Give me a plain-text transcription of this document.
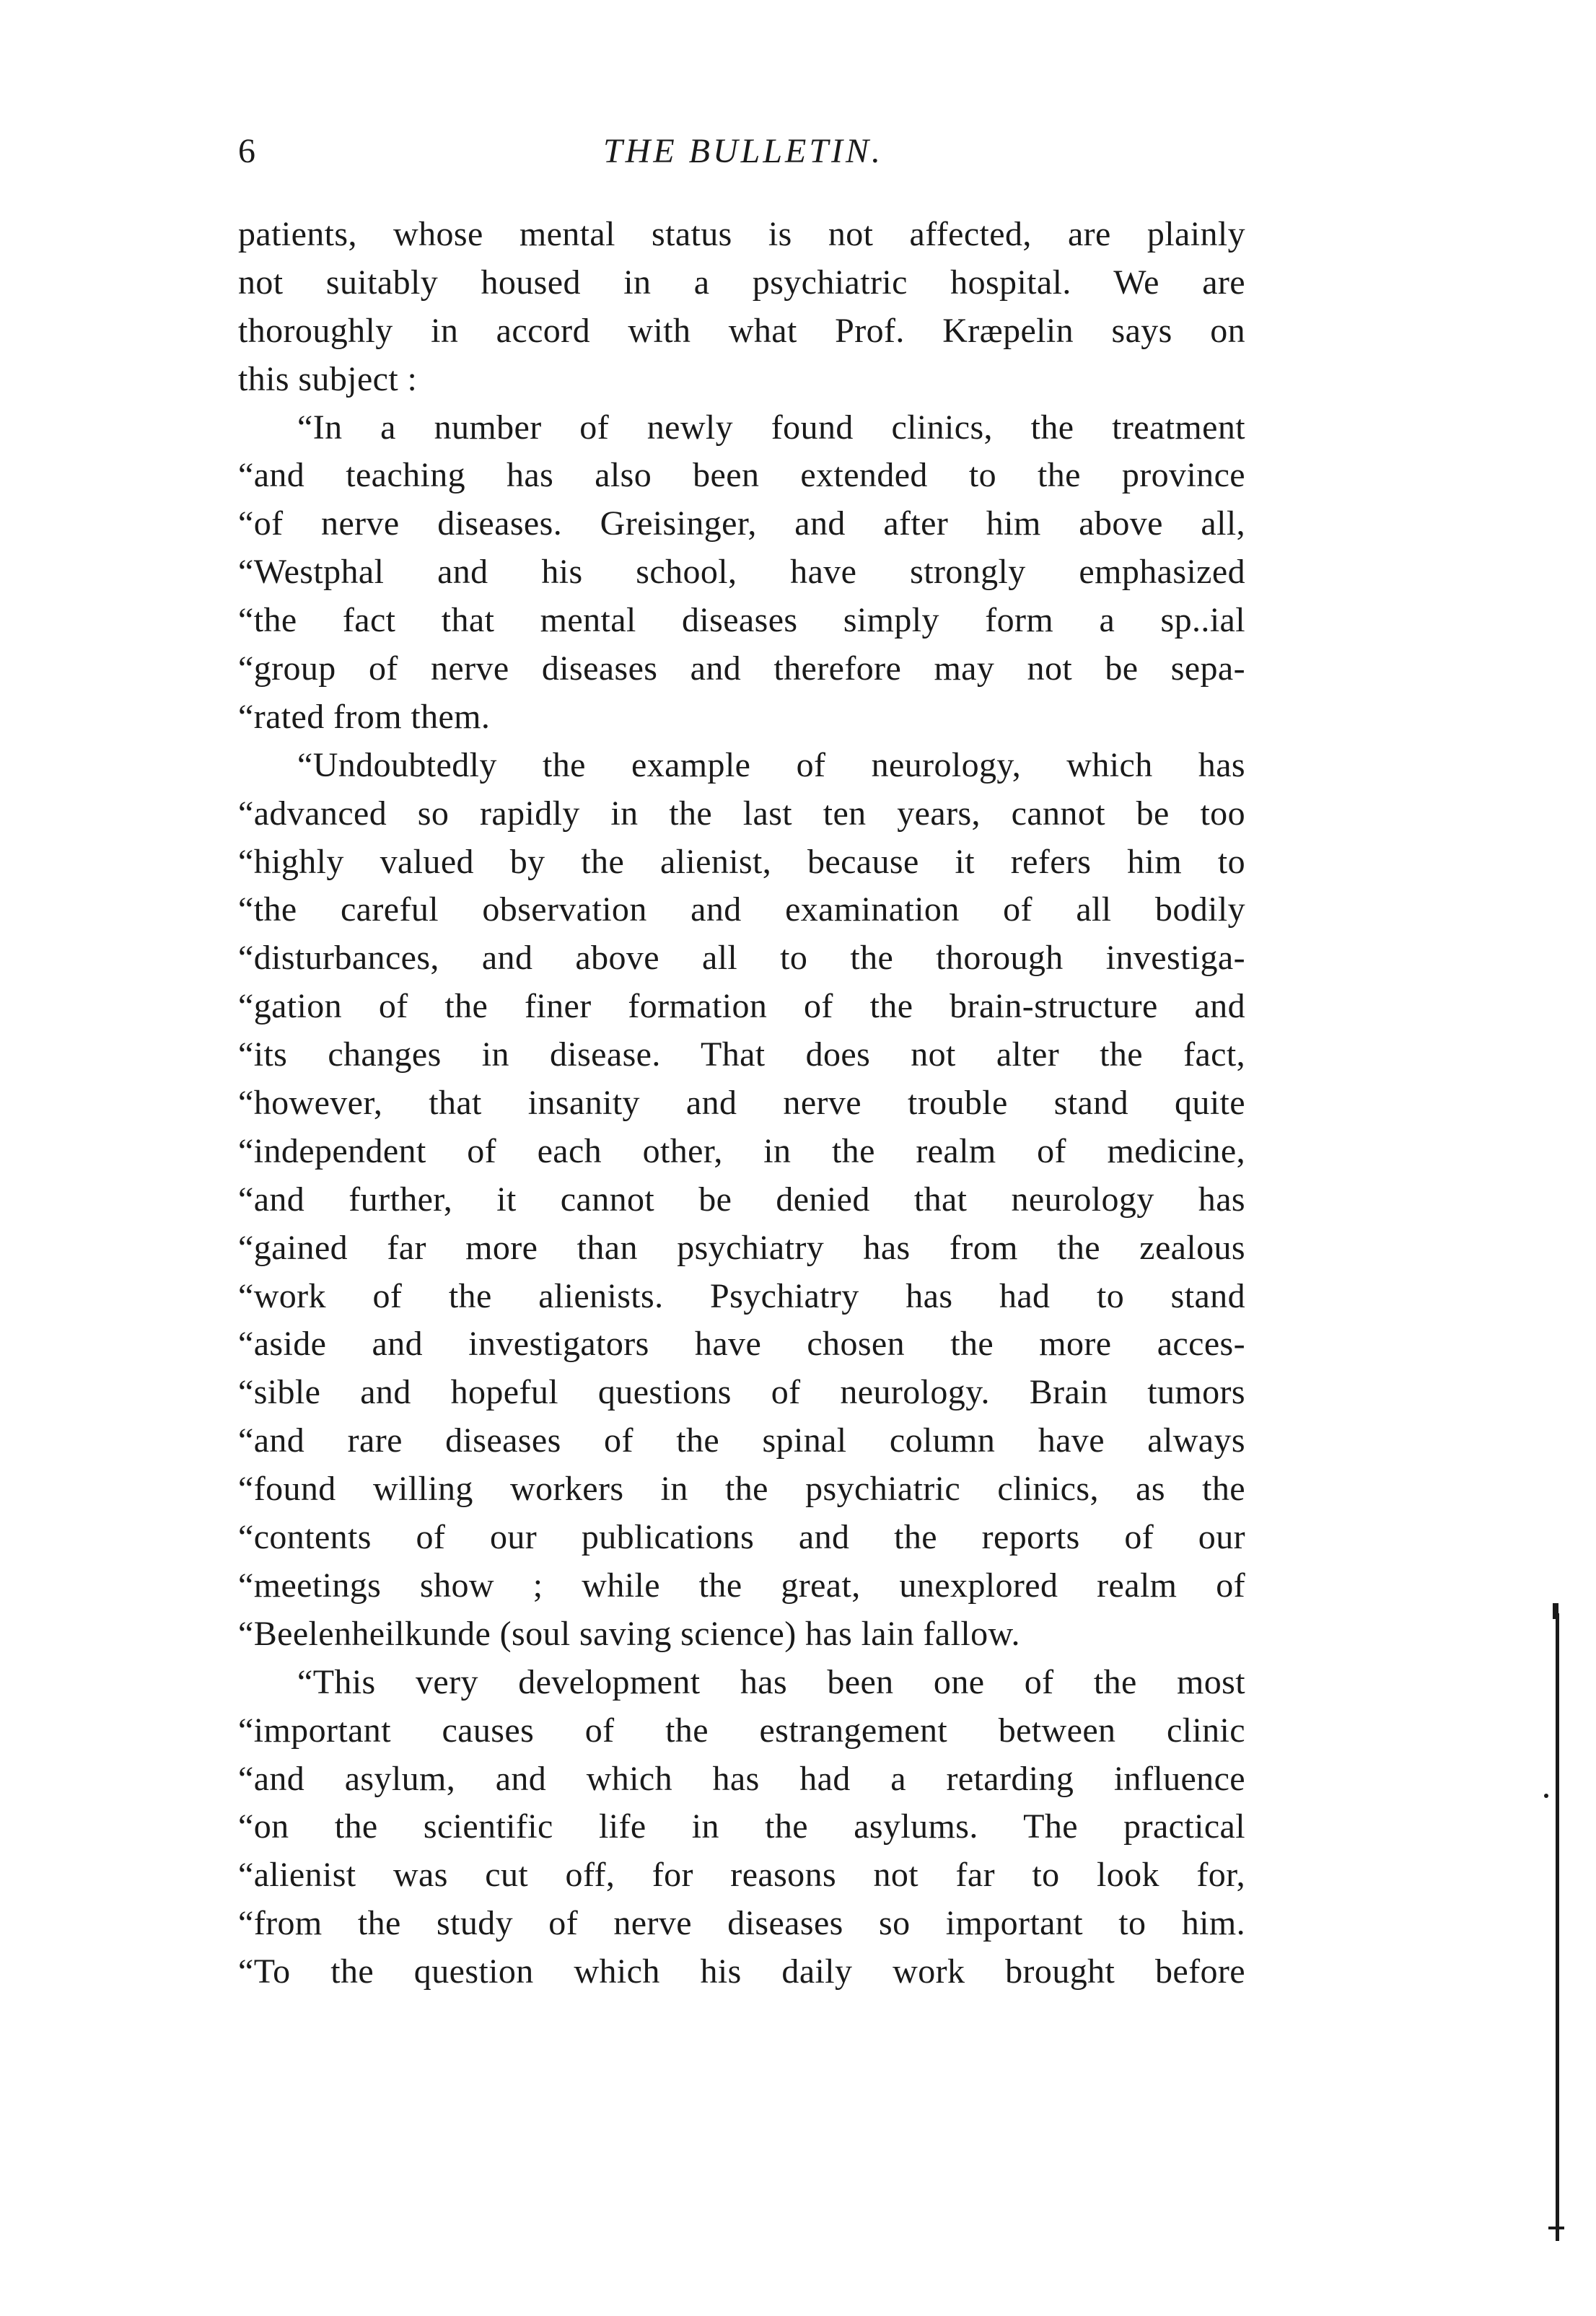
6	THE BULLETIN.
patients, whose mental status is not affected, are plainly
not suitably housed in a psychiatric hospital. We are
thoroughly in accord with what Prof. Kræpelin says on
this subject :
“In a number of newly found clinics, the treatment
“and teaching has also been extended to the province
“of nerve diseases. Greisinger, and after him above all,
“Westphal and his school, have strongly emphasized
“the fact that mental diseases simply form a sp..ial
“group of nerve diseases and therefore may not be sepa-
“rated from them.
“Undoubtedly the example of neurology, which has
“advanced so rapidly in the last ten years, cannot be too
“highly valued by the alienist, because it refers him to
“the careful observation and examination of all bodily
“disturbances, and above all to the thorough investiga-
“gation of the finer formation of the brain-structure and
“its changes in disease. That does not alter the fact,
“however, that insanity and nerve trouble stand quite
“independent of each other, in the realm of medicine,
“and further, it cannot be denied that neurology has
“gained far more than psychiatry has from the zealous
“work of the alienists. Psychiatry has had to stand
“aside and investigators have chosen the more acces-
“sible and hopeful questions of neurology. Brain tumors
“and rare diseases of the spinal column have always
“found willing workers in the psychiatric clinics, as the
“contents of our publications and the reports of our
“meetings show ; while the great, unexplored realm of
“Beelenheilkunde (soul saving science) has lain fallow.
“This very development has been one of the most
“important causes of the estrangement between clinic
“and asylum, and which has had a retarding influence
“on the scientific life in the asylums. The practical
“alienist was cut off, for reasons not far to look for,
“from the study of nerve diseases so important to him.
“To the question which his daily work brought before
